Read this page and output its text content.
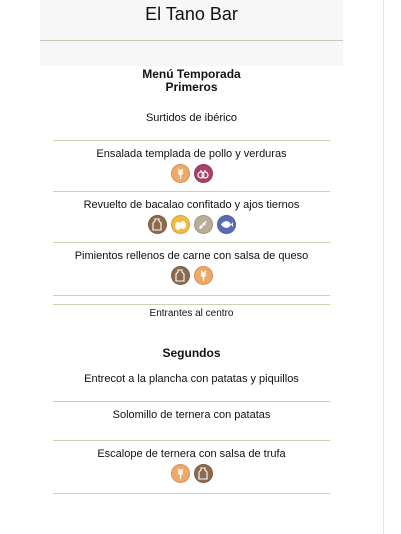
El Tano Bar
Menú Temporada
Primeros
Surtidos de ibérico
Ensalada templada de pollo y verduras
Revuelto de bacalao confitado y ajos tiernos
Pimientos rellenos de carne con salsa de queso
Entrantes al centro
Segundos
Entrecot a la plancha con patatas y piquillos
Solomillo de ternera con patatas
Escalope de ternera con salsa de trufa
